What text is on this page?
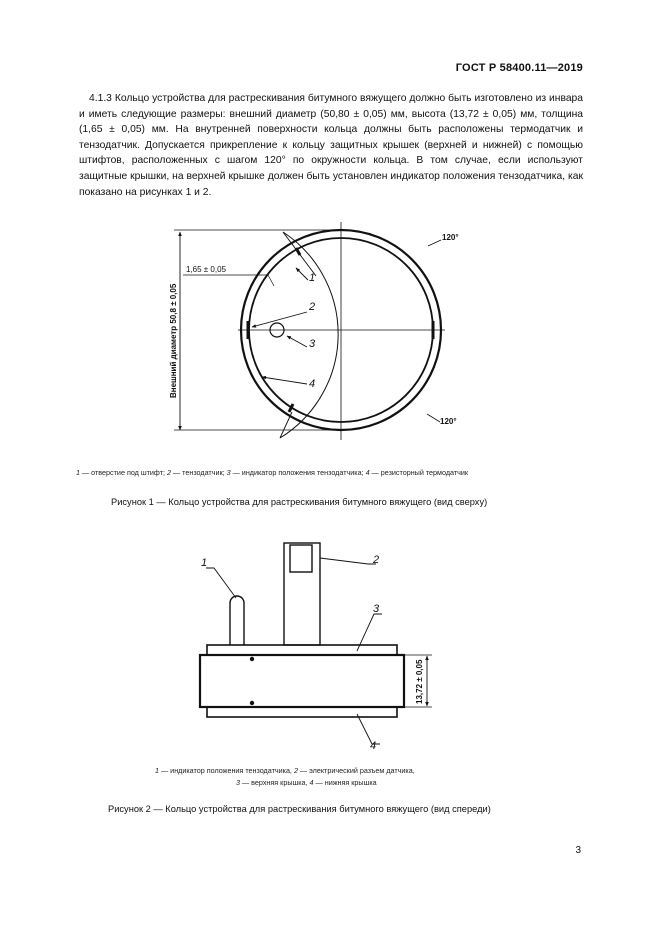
ГОСТ Р 58400.11—2019

4.1.3 Кольцо устройства для растрескивания битумного вяжущего должно быть изготовлено из инвара и иметь следующие размеры: внешний диаметр (50,80 ± 0,05) мм, высота (13,72 ± 0,05) мм, толщина (1,65 ± 0,05) мм. На внутренней поверхности кольца должны быть расположены термодатчик и тензодатчик. Допускается прикрепление к кольцу защитных крышек (верхней и нижней) с помощью штифтов, расположенных с шагом 120° по окружности кольца. В том случае, если используют защитные крышки, на верхней крышке должен быть установлен индикатор положения тензодатчика, как показано на рисунках 1 и 2.

1,65 ± 0,05
Внешний диаметр 50,8 ± 0,05
120°
120°
1
2
3
4
1 — отверстие под штифт; 2 — тензодатчик; 3 — индикатор положения тензодатчика; 4 — резисторный термодатчик
Рисунок 1 — Кольцо устройства для растрескивания битумного вяжущего (вид сверху)
1	2
3
4
13,72 ± 0,05
1 — индикатор положения тензодатчика, 2 — электрический разъем датчика,
3 — верхняя крышка, 4 — нижняя крышка
Рисунок 2 — Кольцо устройства для растрескивания битумного вяжущего (вид спереди)
3
